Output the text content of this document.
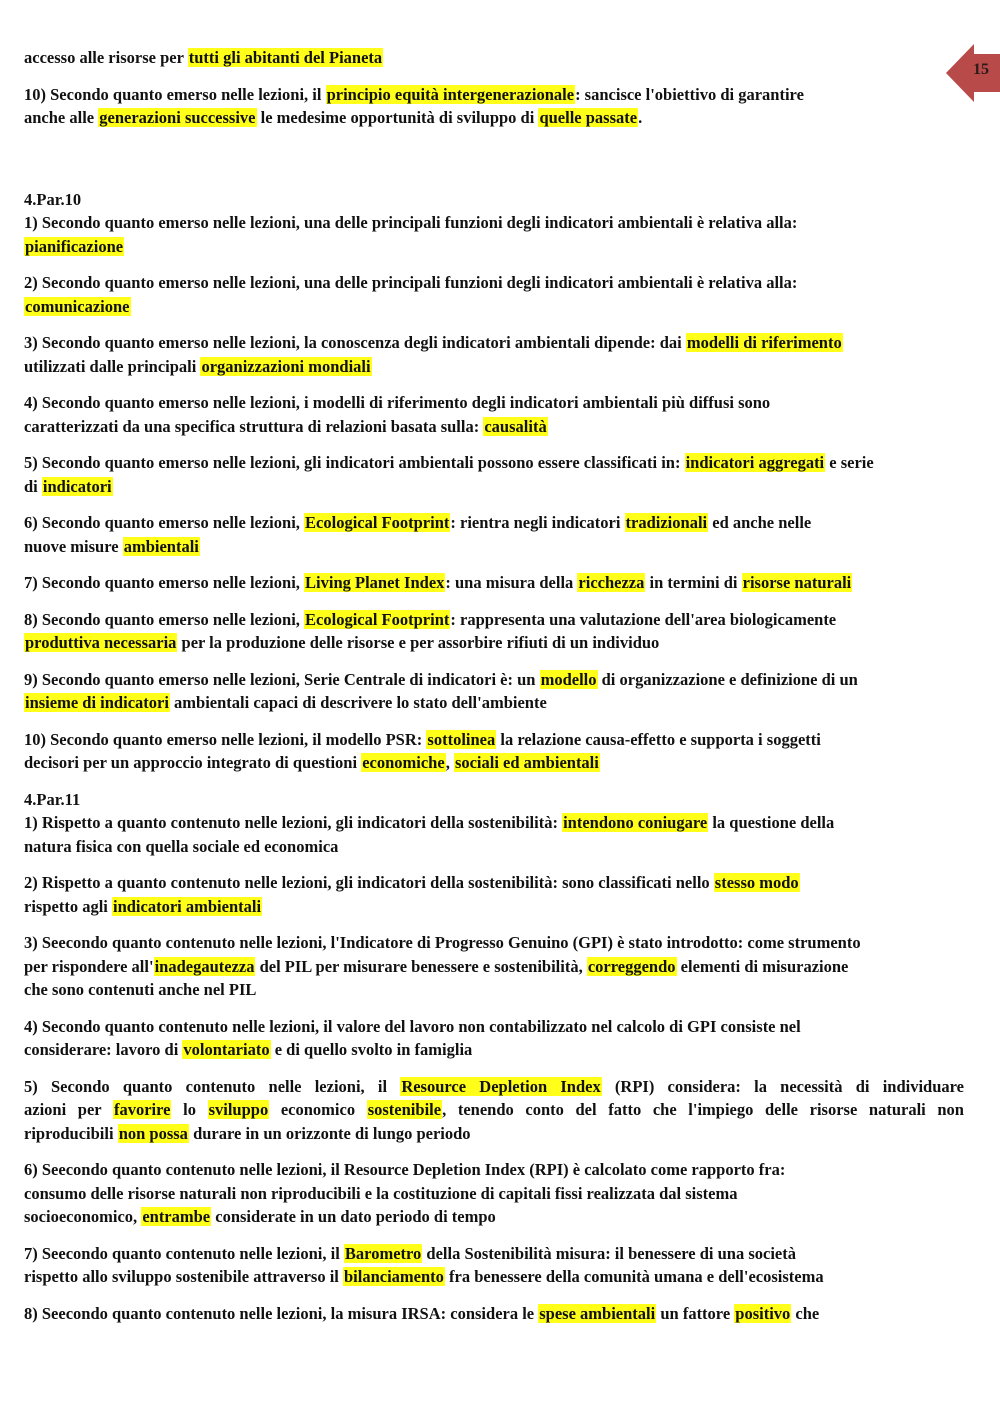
15
accesso alle risorse per tutti gli abitanti del Pianeta
10) Secondo quanto emerso nelle lezioni, il principio equità intergenerazionale: sancisce l'obiettivo di garantire
anche alle generazioni successive le medesime opportunità di sviluppo di quelle passate.
4.Par.10
1) Secondo quanto emerso nelle lezioni, una delle principali funzioni degli indicatori ambientali è relativa alla:
pianificazione
2) Secondo quanto emerso nelle lezioni, una delle principali funzioni degli indicatori ambientali è relativa alla:
comunicazione
3) Secondo quanto emerso nelle lezioni, la conoscenza degli indicatori ambientali dipende: dai modelli di riferimento
utilizzati dalle principali organizzazioni mondiali
4) Secondo quanto emerso nelle lezioni, i modelli di riferimento degli indicatori ambientali più diffusi sono
caratterizzati da una specifica struttura di relazioni basata sulla: causalità
5) Secondo quanto emerso nelle lezioni, gli indicatori ambientali possono essere classificati in: indicatori aggregati e serie
di indicatori
6) Secondo quanto emerso nelle lezioni, Ecological Footprint: rientra negli indicatori tradizionali ed anche nelle
nuove misure ambientali
7) Secondo quanto emerso nelle lezioni, Living Planet Index: una misura della ricchezza in termini di risorse naturali
8) Secondo quanto emerso nelle lezioni, Ecological Footprint: rappresenta una valutazione dell'area biologicamente
produttiva necessaria per la produzione delle risorse e per assorbire rifiuti di un individuo
9) Secondo quanto emerso nelle lezioni, Serie Centrale di indicatori è: un modello di organizzazione e definizione di un
insieme di indicatori ambientali capaci di descrivere lo stato dell'ambiente
10) Secondo quanto emerso nelle lezioni, il modello PSR: sottolinea la relazione causa-effetto e supporta i soggetti
decisori per un approccio integrato di questioni economiche, sociali ed ambientali
4.Par.11
1) Rispetto a quanto contenuto nelle lezioni, gli indicatori della sostenibilità: intendono coniugare la questione della
natura fisica con quella sociale ed economica
2) Rispetto a quanto contenuto nelle lezioni, gli indicatori della sostenibilità: sono classificati nello stesso modo
rispetto agli indicatori ambientali
3) Seecondo quanto contenuto nelle lezioni, l'Indicatore di Progresso Genuino (GPI) è stato introdotto: come strumento
per rispondere all'inadegautezza del PIL per misurare benessere e sostenibilità, correggendo elementi di misurazione
che sono contenuti anche nel PIL
4) Secondo quanto contenuto nelle lezioni, il valore del lavoro non contabilizzato nel calcolo di GPI consiste nel
considerare: lavoro di volontariato e di quello svolto in famiglia
5) Secondo quanto contenuto nelle lezioni, il Resource Depletion Index (RPI) considera: la necessità di individuare
azioni per favorire lo sviluppo economico sostenibile, tenendo conto del fatto che l'impiego delle risorse naturali non
riproducibili non possa durare in un orizzonte di lungo periodo
6) Seecondo quanto contenuto nelle lezioni, il Resource Depletion Index (RPI) è calcolato come rapporto fra:
consumo delle risorse naturali non riproducibili e la costituzione di capitali fissi realizzata dal sistema
socioeconomico, entrambe considerate in un dato periodo di tempo
7) Seecondo quanto contenuto nelle lezioni, il Barometro della Sostenibilità misura: il benessere di una società
rispetto allo sviluppo sostenibile attraverso il bilanciamento fra benessere della comunità umana e dell'ecosistema
8) Seecondo quanto contenuto nelle lezioni, la misura IRSA: considera le spese ambientali un fattore positivo che
